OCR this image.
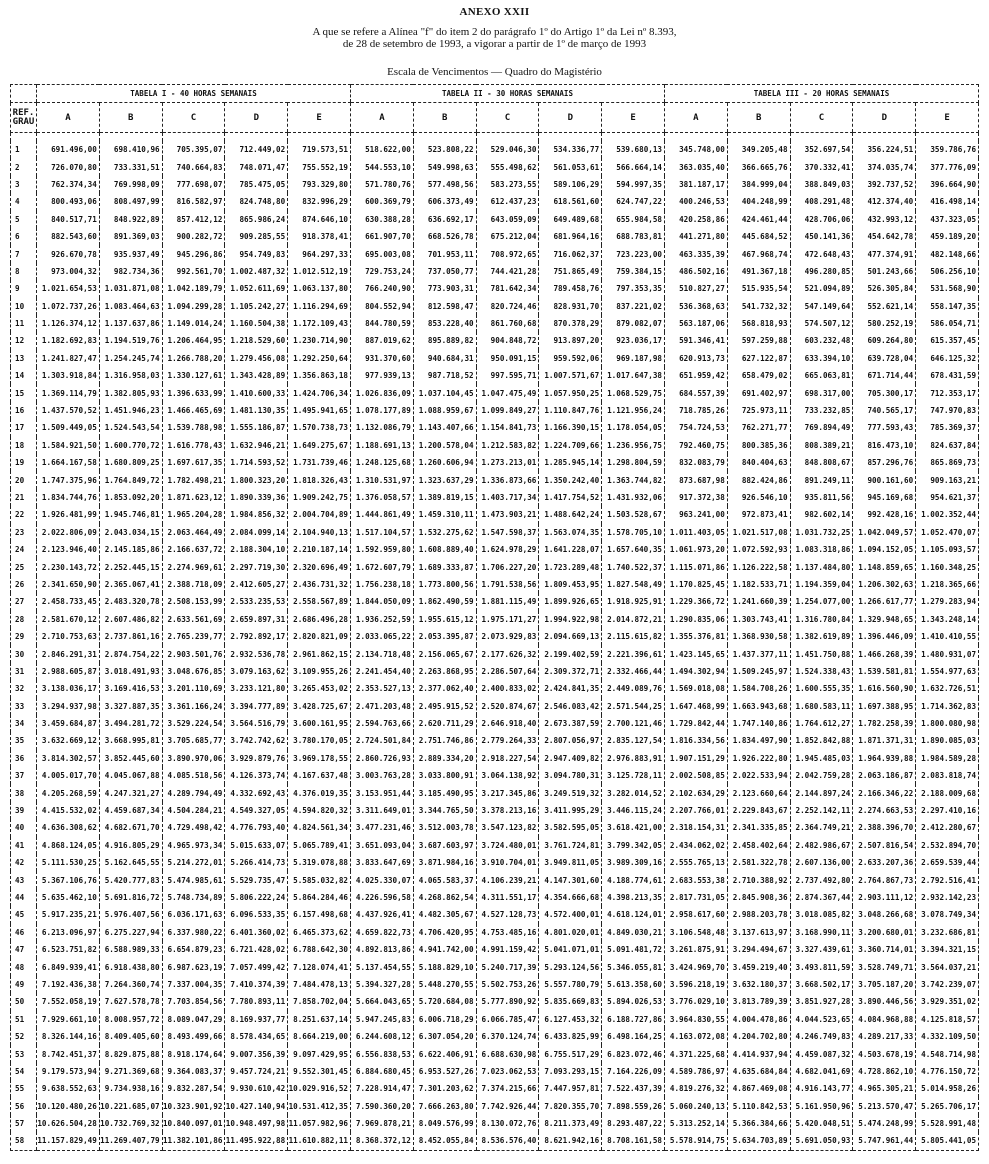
ANEXO XXII
A que se refere a Alínea "f" do item 2 do parágrafo 1º do Artigo 1º da Lei nº 8.393,
de 28 de setembro de 1993, a vigorar a partir de 1º de março de 1993
Escala de Vencimentos — Quadro do Magistério
	TABELA I - 40 HORAS SEMANAIS					TABELA II - 30 HORAS SEMANAIS					TABELA III - 20 HORAS SEMANAIS				
REF.
GRAU	A	B	C	D	E	A	B	C	D	E	A	B	C	D	E

1	691.496,00	698.410,96	705.395,07	712.449,02	719.573,51	518.622,00	523.808,22	529.046,30	534.336,77	539.680,13	345.748,00	349.205,48	352.697,54	356.224,51	359.786,76
2	726.070,80	733.331,51	740.664,83	748.071,47	755.552,19	544.553,10	549.998,63	555.498,62	561.053,61	566.664,14	363.035,40	366.665,76	370.332,41	374.035,74	377.776,09
3	762.374,34	769.998,09	777.698,07	785.475,05	793.329,80	571.780,76	577.498,56	583.273,55	589.106,29	594.997,35	381.187,17	384.999,04	388.849,03	392.737,52	396.664,90
4	800.493,06	808.497,99	816.582,97	824.748,80	832.996,29	600.369,79	606.373,49	612.437,23	618.561,60	624.747,22	400.246,53	404.248,99	408.291,48	412.374,40	416.498,14
5	840.517,71	848.922,89	857.412,12	865.986,24	874.646,10	630.388,28	636.692,17	643.059,09	649.489,68	655.984,58	420.258,86	424.461,44	428.706,06	432.993,12	437.323,05
6	882.543,60	891.369,03	900.282,72	909.285,55	918.378,41	661.907,70	668.526,78	675.212,04	681.964,16	688.783,81	441.271,80	445.684,52	450.141,36	454.642,78	459.189,20
7	926.670,78	935.937,49	945.296,86	954.749,83	964.297,33	695.003,08	701.953,11	708.972,65	716.062,37	723.223,00	463.335,39	467.968,74	472.648,43	477.374,91	482.148,66
8	973.004,32	982.734,36	992.561,70	1.002.487,32	1.012.512,19	729.753,24	737.050,77	744.421,28	751.865,49	759.384,15	486.502,16	491.367,18	496.280,85	501.243,66	506.256,10
9	1.021.654,53	1.031.871,08	1.042.189,79	1.052.611,69	1.063.137,80	766.240,90	773.903,31	781.642,34	789.458,76	797.353,35	510.827,27	515.935,54	521.094,89	526.305,84	531.568,90
10	1.072.737,26	1.083.464,63	1.094.299,28	1.105.242,27	1.116.294,69	804.552,94	812.598,47	820.724,46	828.931,70	837.221,02	536.368,63	541.732,32	547.149,64	552.621,14	558.147,35
11	1.126.374,12	1.137.637,86	1.149.014,24	1.160.504,38	1.172.109,43	844.780,59	853.228,40	861.760,68	870.378,29	879.082,07	563.187,06	568.818,93	574.507,12	580.252,19	586.054,71
12	1.182.692,83	1.194.519,76	1.206.464,95	1.218.529,60	1.230.714,90	887.019,62	895.889,82	904.848,72	913.897,20	923.036,17	591.346,41	597.259,88	603.232,48	609.264,80	615.357,45
13	1.241.827,47	1.254.245,74	1.266.788,20	1.279.456,08	1.292.250,64	931.370,60	940.684,31	950.091,15	959.592,06	969.187,98	620.913,73	627.122,87	633.394,10	639.728,04	646.125,32
14	1.303.918,84	1.316.958,03	1.330.127,61	1.343.428,89	1.356.863,18	977.939,13	987.718,52	997.595,71	1.007.571,67	1.017.647,38	651.959,42	658.479,02	665.063,81	671.714,44	678.431,59
15	1.369.114,79	1.382.805,93	1.396.633,99	1.410.600,33	1.424.706,34	1.026.836,09	1.037.104,45	1.047.475,49	1.057.950,25	1.068.529,75	684.557,39	691.402,97	698.317,00	705.300,17	712.353,17
16	1.437.570,52	1.451.946,23	1.466.465,69	1.481.130,35	1.495.941,65	1.078.177,89	1.088.959,67	1.099.849,27	1.110.847,76	1.121.956,24	718.785,26	725.973,11	733.232,85	740.565,17	747.970,83
17	1.509.449,05	1.524.543,54	1.539.788,98	1.555.186,87	1.570.738,73	1.132.086,79	1.143.407,66	1.154.841,73	1.166.390,15	1.178.054,05	754.724,53	762.271,77	769.894,49	777.593,43	785.369,37
18	1.584.921,50	1.600.770,72	1.616.778,43	1.632.946,21	1.649.275,67	1.188.691,13	1.200.578,04	1.212.583,82	1.224.709,66	1.236.956,75	792.460,75	800.385,36	808.389,21	816.473,10	824.637,84
19	1.664.167,58	1.680.809,25	1.697.617,35	1.714.593,52	1.731.739,46	1.248.125,68	1.260.606,94	1.273.213,01	1.285.945,14	1.298.804,59	832.083,79	840.404,63	848.808,67	857.296,76	865.869,73
20	1.747.375,96	1.764.849,72	1.782.498,21	1.800.323,20	1.818.326,43	1.310.531,97	1.323.637,29	1.336.873,66	1.350.242,40	1.363.744,82	873.687,98	882.424,86	891.249,11	900.161,60	909.163,21
21	1.834.744,76	1.853.092,20	1.871.623,12	1.890.339,36	1.909.242,75	1.376.058,57	1.389.819,15	1.403.717,34	1.417.754,52	1.431.932,06	917.372,38	926.546,10	935.811,56	945.169,68	954.621,37
22	1.926.481,99	1.945.746,81	1.965.204,28	1.984.856,32	2.004.704,89	1.444.861,49	1.459.310,11	1.473.903,21	1.488.642,24	1.503.528,67	963.241,00	972.873,41	982.602,14	992.428,16	1.002.352,44
23	2.022.806,09	2.043.034,15	2.063.464,49	2.084.099,14	2.104.940,13	1.517.104,57	1.532.275,62	1.547.598,37	1.563.074,35	1.578.705,10	1.011.403,05	1.021.517,08	1.031.732,25	1.042.049,57	1.052.470,07
24	2.123.946,40	2.145.185,86	2.166.637,72	2.188.304,10	2.210.187,14	1.592.959,80	1.608.889,40	1.624.978,29	1.641.228,07	1.657.640,35	1.061.973,20	1.072.592,93	1.083.318,86	1.094.152,05	1.105.093,57
25	2.230.143,72	2.252.445,15	2.274.969,61	2.297.719,30	2.320.696,49	1.672.607,79	1.689.333,87	1.706.227,20	1.723.289,48	1.740.522,37	1.115.071,86	1.126.222,58	1.137.484,80	1.148.859,65	1.160.348,25
26	2.341.650,90	2.365.067,41	2.388.718,09	2.412.605,27	2.436.731,32	1.756.238,18	1.773.800,56	1.791.538,56	1.809.453,95	1.827.548,49	1.170.825,45	1.182.533,71	1.194.359,04	1.206.302,63	1.218.365,66
27	2.458.733,45	2.483.320,78	2.508.153,99	2.533.235,53	2.558.567,89	1.844.050,09	1.862.490,59	1.881.115,49	1.899.926,65	1.918.925,91	1.229.366,72	1.241.660,39	1.254.077,00	1.266.617,77	1.279.283,94
28	2.581.670,12	2.607.486,82	2.633.561,69	2.659.897,31	2.686.496,28	1.936.252,59	1.955.615,12	1.975.171,27	1.994.922,98	2.014.872,21	1.290.835,06	1.303.743,41	1.316.780,84	1.329.948,65	1.343.248,14
29	2.710.753,63	2.737.861,16	2.765.239,77	2.792.892,17	2.820.821,09	2.033.065,22	2.053.395,87	2.073.929,83	2.094.669,13	2.115.615,82	1.355.376,81	1.368.930,58	1.382.619,89	1.396.446,09	1.410.410,55
30	2.846.291,31	2.874.754,22	2.903.501,76	2.932.536,78	2.961.862,15	2.134.718,48	2.156.065,67	2.177.626,32	2.199.402,59	2.221.396,61	1.423.145,65	1.437.377,11	1.451.750,88	1.466.268,39	1.480.931,07
31	2.988.605,87	3.018.491,93	3.048.676,85	3.079.163,62	3.109.955,26	2.241.454,40	2.263.868,95	2.286.507,64	2.309.372,71	2.332.466,44	1.494.302,94	1.509.245,97	1.524.338,43	1.539.581,81	1.554.977,63
32	3.138.036,17	3.169.416,53	3.201.110,69	3.233.121,80	3.265.453,02	2.353.527,13	2.377.062,40	2.400.833,02	2.424.841,35	2.449.089,76	1.569.018,08	1.584.708,26	1.600.555,35	1.616.560,90	1.632.726,51
33	3.294.937,98	3.327.887,35	3.361.166,24	3.394.777,89	3.428.725,67	2.471.203,48	2.495.915,52	2.520.874,67	2.546.083,42	2.571.544,25	1.647.468,99	1.663.943,68	1.680.583,11	1.697.388,95	1.714.362,83
34	3.459.684,87	3.494.281,72	3.529.224,54	3.564.516,79	3.600.161,95	2.594.763,66	2.620.711,29	2.646.918,40	2.673.387,59	2.700.121,46	1.729.842,44	1.747.140,86	1.764.612,27	1.782.258,39	1.800.080,98
35	3.632.669,12	3.668.995,81	3.705.685,77	3.742.742,62	3.780.170,05	2.724.501,84	2.751.746,86	2.779.264,33	2.807.056,97	2.835.127,54	1.816.334,56	1.834.497,90	1.852.842,88	1.871.371,31	1.890.085,03
36	3.814.302,57	3.852.445,60	3.890.970,06	3.929.879,76	3.969.178,55	2.860.726,93	2.889.334,20	2.918.227,54	2.947.409,82	2.976.883,91	1.907.151,29	1.926.222,80	1.945.485,03	1.964.939,88	1.984.589,28
37	4.005.017,70	4.045.067,88	4.085.518,56	4.126.373,74	4.167.637,48	3.003.763,28	3.033.800,91	3.064.138,92	3.094.780,31	3.125.728,11	2.002.508,85	2.022.533,94	2.042.759,28	2.063.186,87	2.083.818,74
38	4.205.268,59	4.247.321,27	4.289.794,49	4.332.692,43	4.376.019,35	3.153.951,44	3.185.490,95	3.217.345,86	3.249.519,32	3.282.014,52	2.102.634,29	2.123.660,64	2.144.897,24	2.166.346,22	2.188.009,68
39	4.415.532,02	4.459.687,34	4.504.284,21	4.549.327,05	4.594.820,32	3.311.649,01	3.344.765,50	3.378.213,16	3.411.995,29	3.446.115,24	2.207.766,01	2.229.843,67	2.252.142,11	2.274.663,53	2.297.410,16
40	4.636.308,62	4.682.671,70	4.729.498,42	4.776.793,40	4.824.561,34	3.477.231,46	3.512.003,78	3.547.123,82	3.582.595,05	3.618.421,00	2.318.154,31	2.341.335,85	2.364.749,21	2.388.396,70	2.412.280,67
41	4.868.124,05	4.916.805,29	4.965.973,34	5.015.633,07	5.065.789,41	3.651.093,04	3.687.603,97	3.724.480,01	3.761.724,81	3.799.342,05	2.434.062,02	2.458.402,64	2.482.986,67	2.507.816,54	2.532.894,70
42	5.111.530,25	5.162.645,55	5.214.272,01	5.266.414,73	5.319.078,88	3.833.647,69	3.871.984,16	3.910.704,01	3.949.811,05	3.989.309,16	2.555.765,13	2.581.322,78	2.607.136,00	2.633.207,36	2.659.539,44
43	5.367.106,76	5.420.777,83	5.474.985,61	5.529.735,47	5.585.032,82	4.025.330,07	4.065.583,37	4.106.239,21	4.147.301,60	4.188.774,61	2.683.553,38	2.710.388,92	2.737.492,80	2.764.867,73	2.792.516,41
44	5.635.462,10	5.691.816,72	5.748.734,89	5.806.222,24	5.864.284,46	4.226.596,58	4.268.862,54	4.311.551,17	4.354.666,68	4.398.213,35	2.817.731,05	2.845.908,36	2.874.367,44	2.903.111,12	2.932.142,23
45	5.917.235,21	5.976.407,56	6.036.171,63	6.096.533,35	6.157.498,68	4.437.926,41	4.482.305,67	4.527.128,73	4.572.400,01	4.618.124,01	2.958.617,60	2.988.203,78	3.018.085,82	3.048.266,68	3.078.749,34
46	6.213.096,97	6.275.227,94	6.337.980,22	6.401.360,02	6.465.373,62	4.659.822,73	4.706.420,95	4.753.485,16	4.801.020,01	4.849.030,21	3.106.548,48	3.137.613,97	3.168.990,11	3.200.680,01	3.232.686,81
47	6.523.751,82	6.588.989,33	6.654.879,23	6.721.428,02	6.788.642,30	4.892.813,86	4.941.742,00	4.991.159,42	5.041.071,01	5.091.481,72	3.261.875,91	3.294.494,67	3.327.439,61	3.360.714,01	3.394.321,15
48	6.849.939,41	6.918.438,80	6.987.623,19	7.057.499,42	7.128.074,41	5.137.454,55	5.188.829,10	5.240.717,39	5.293.124,56	5.346.055,81	3.424.969,70	3.459.219,40	3.493.811,59	3.528.749,71	3.564.037,21
49	7.192.436,38	7.264.360,74	7.337.004,35	7.410.374,39	7.484.478,13	5.394.327,28	5.448.270,55	5.502.753,26	5.557.780,79	5.613.358,60	3.596.218,19	3.632.180,37	3.668.502,17	3.705.187,20	3.742.239,07
50	7.552.058,19	7.627.578,78	7.703.854,56	7.780.893,11	7.858.702,04	5.664.043,65	5.720.684,08	5.777.890,92	5.835.669,83	5.894.026,53	3.776.029,10	3.813.789,39	3.851.927,28	3.890.446,56	3.929.351,02
51	7.929.661,10	8.008.957,72	8.089.047,29	8.169.937,77	8.251.637,14	5.947.245,83	6.006.718,29	6.066.785,47	6.127.453,32	6.188.727,86	3.964.830,55	4.004.478,86	4.044.523,65	4.084.968,88	4.125.818,57
52	8.326.144,16	8.409.405,60	8.493.499,66	8.578.434,65	8.664.219,00	6.244.608,12	6.307.054,20	6.370.124,74	6.433.825,99	6.498.164,25	4.163.072,08	4.204.702,80	4.246.749,83	4.289.217,33	4.332.109,50
53	8.742.451,37	8.829.875,88	8.918.174,64	9.007.356,39	9.097.429,95	6.556.838,53	6.622.406,91	6.688.630,98	6.755.517,29	6.823.072,46	4.371.225,68	4.414.937,94	4.459.087,32	4.503.678,19	4.548.714,98
54	9.179.573,94	9.271.369,68	9.364.083,37	9.457.724,21	9.552.301,45	6.884.680,45	6.953.527,26	7.023.062,53	7.093.293,15	7.164.226,09	4.589.786,97	4.635.684,84	4.682.041,69	4.728.862,10	4.776.150,72
55	9.638.552,63	9.734.938,16	9.832.287,54	9.930.610,42	10.029.916,52	7.228.914,47	7.301.203,62	7.374.215,66	7.447.957,81	7.522.437,39	4.819.276,32	4.867.469,08	4.916.143,77	4.965.305,21	5.014.958,26
56	10.120.480,26	10.221.685,07	10.323.901,92	10.427.140,94	10.531.412,35	7.590.360,20	7.666.263,80	7.742.926,44	7.820.355,70	7.898.559,26	5.060.240,13	5.110.842,53	5.161.950,96	5.213.570,47	5.265.706,17
57	10.626.504,28	10.732.769,32	10.840.097,01	10.948.497,98	11.057.982,96	7.969.878,21	8.049.576,99	8.130.072,76	8.211.373,49	8.293.487,22	5.313.252,14	5.366.384,66	5.420.048,51	5.474.248,99	5.528.991,48
58	11.157.829,49	11.269.407,79	11.382.101,86	11.495.922,88	11.610.882,11	8.368.372,12	8.452.055,84	8.536.576,40	8.621.942,16	8.708.161,58	5.578.914,75	5.634.703,89	5.691.050,93	5.747.961,44	5.805.441,05
